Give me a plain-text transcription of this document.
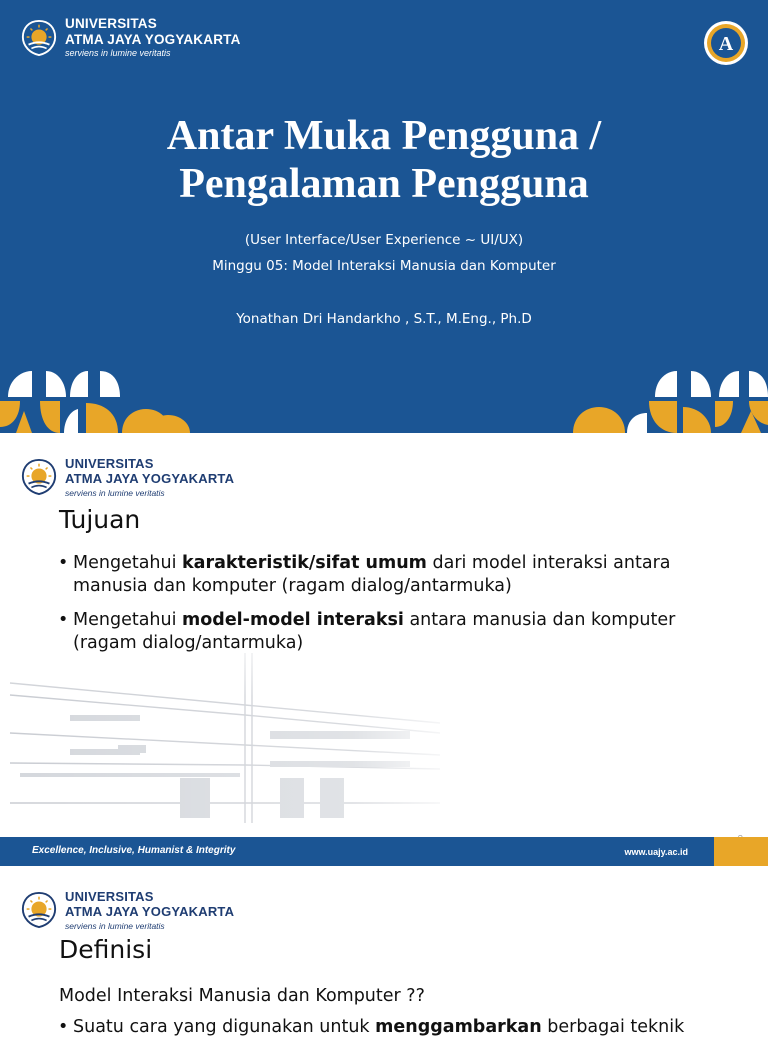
UNIVERSITAS
ATMA JAYA YOGYAKARTA
serviens in lumine veritatis	A
Antar Muka Pengguna /
Pengalaman Pengguna
(User Interface/User Experience ~ UI/UX)
Minggu 05: Model Interaksi Manusia dan Komputer
Yonathan Dri Handarkho , S.T., M.Eng., Ph.D
UNIVERSITAS
ATMA JAYA YOGYAKARTA
serviens in lumine veritatis
Tujuan
• Mengetahui karakteristik/sifat umum dari model interaksi antara manusia dan komputer (ragam dialog/antarmuka)
• Mengetahui model-model interaksi antara manusia dan komputer (ragam dialog/antarmuka)
Excellence, Inclusive, Humanist & Integrity	www.uajy.ac.id
UNIVERSITAS
ATMA JAYA YOGYAKARTA
serviens in lumine veritatis
Definisi
Model Interaksi Manusia dan Komputer ??
• Suatu cara yang digunakan untuk menggambarkan berbagai teknik
